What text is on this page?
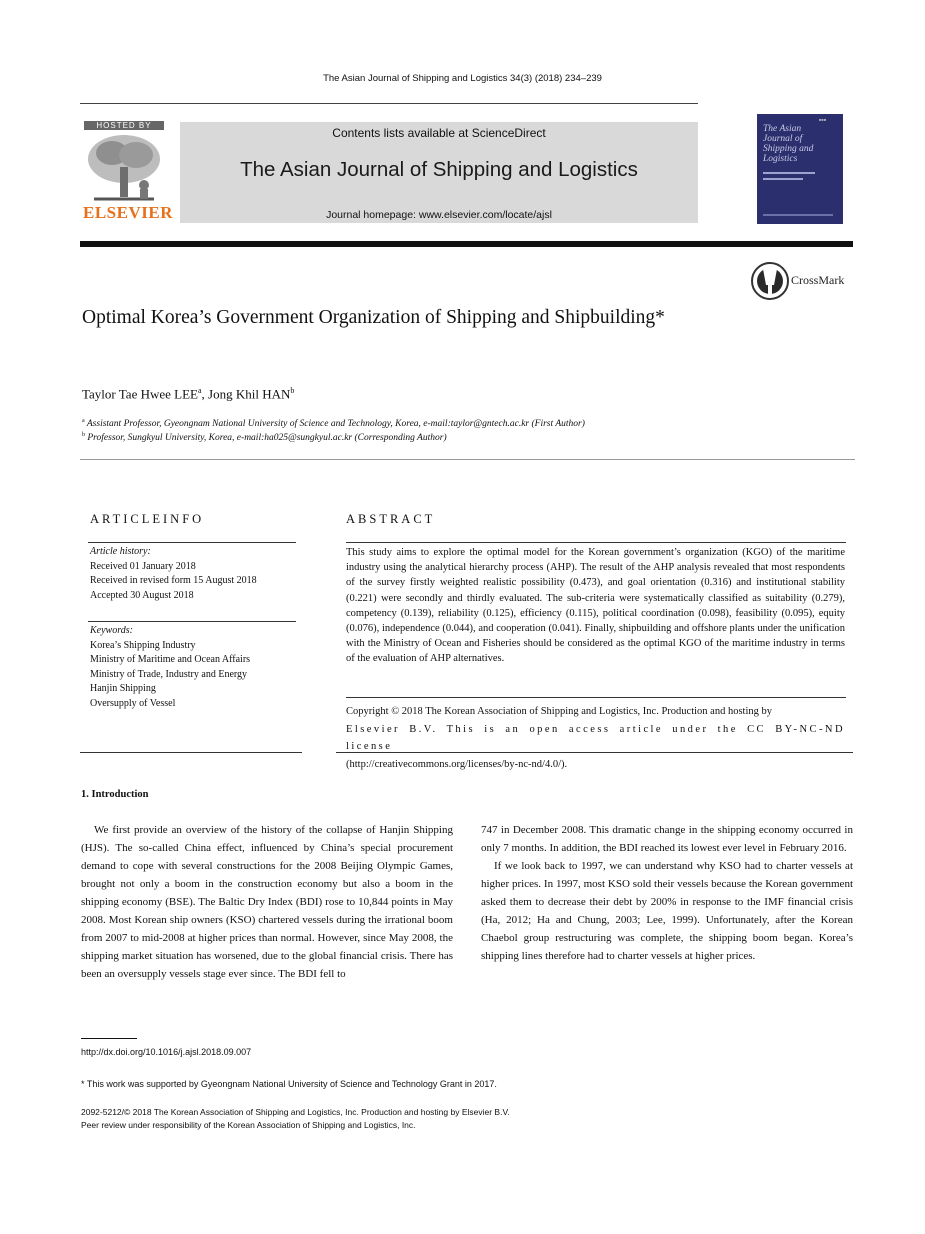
The Asian Journal of Shipping and Logistics 34(3) (2018) 234–239
HOSTED BY
ELSEVIER
Contents lists available at ScienceDirect
The Asian Journal of Shipping and Logistics
Journal homepage: www.elsevier.com/locate/ajsl
■■■
The Asian Journal of Shipping and Logistics
CrossMark
Optimal Korea’s Government Organization of Shipping and Shipbuilding*
Taylor Tae Hwee LEE$^a$, Jong Khil HAN$^b$
$^a$ Assistant Professor, Gyeongnam National University of Science and Technology, Korea, e-mail:taylor@gntech.ac.kr (First Author)
$^b$ Professor, Sungkyul University, Korea, e-mail:ha025@sungkyul.ac.kr (Corresponding Author)
ARTICLEINFO
Article history:
Received 01 January 2018
Received in revised form 15 August 2018
Accepted 30 August 2018
Keywords:
Korea’s Shipping Industry
Ministry of Maritime and Ocean Affairs
Ministry of Trade, Industry and Energy
Hanjin Shipping
Oversupply of Vessel
ABSTRACT
This study aims to explore the optimal model for the Korean government’s organization (KGO) of the maritime industry using the analytical hierarchy process (AHP). The result of the AHP analysis revealed that most respondents of the survey firstly weighted realistic possibility (0.473), and goal orientation (0.316) and institutional stability (0.221) were secondly and thirdly evaluated. The sub-criteria were systematically classified as suitability (0.279), competency (0.139), reliability (0.125), efficiency (0.115), political coordination (0.098), feasibility (0.095), equity (0.076), independence (0.044), and cooperation (0.041). Finally, shipbuilding and offshore plants under the unification with the Ministry of Ocean and Fisheries should be considered as the optimal KGO of the maritime industry in terms of the evaluation of AHP alternatives.
Copyright © 2018 The Korean Association of Shipping and Logistics, Inc. Production and hosting by
Elsevier B.V. This is an open access article under the CC BY-NC-ND license
(http://creativecommons.org/licenses/by-nc-nd/4.0/).
1. Introduction

We first provide an overview of the history of the collapse of Hanjin Shipping (HJS). The so-called China effect, influenced by China’s special procurement demand to cope with several constructions for the 2008 Beijing Olympic Games, brought not only a boom in the construction economy but also a boom in the shipping economy (BSE). The Baltic Dry Index (BDI) rose to 10,844 points in May 2008. Most Korean ship owners (KSO) chartered vessels during the irrational boom from 2007 to mid-2008 at higher prices than normal. However, since May 2008, the shipping market situation has worsened, due to the global financial crisis. There has been an oversupply vessels stage ever since. The BDI fell to

747 in December 2008. This dramatic change in the shipping economy occurred in only 7 months. In addition, the BDI reached its lowest ever level in February 2016.

If we look back to 1997, we can understand why KSO had to charter vessels at higher prices. In 1997, most KSO sold their vessels because the Korean government asked them to decrease their debt by 200% in response to the IMF financial crisis (Ha, 2012; Ha and Chung, 2003; Lee, 1999). Unfortunately, after the Korean Chaebol group restructuring was complete, the shipping boom began. Korea’s shipping lines therefore had to charter vessels at higher prices.

http://dx.doi.org/10.1016/j.ajsl.2018.09.007
* This work was supported by Gyeongnam National University of Science and Technology Grant in 2017.
2092-5212/© 2018 The Korean Association of Shipping and Logistics, Inc. Production and hosting by Elsevier B.V.
Peer review under responsibility of the Korean Association of Shipping and Logistics, Inc.
